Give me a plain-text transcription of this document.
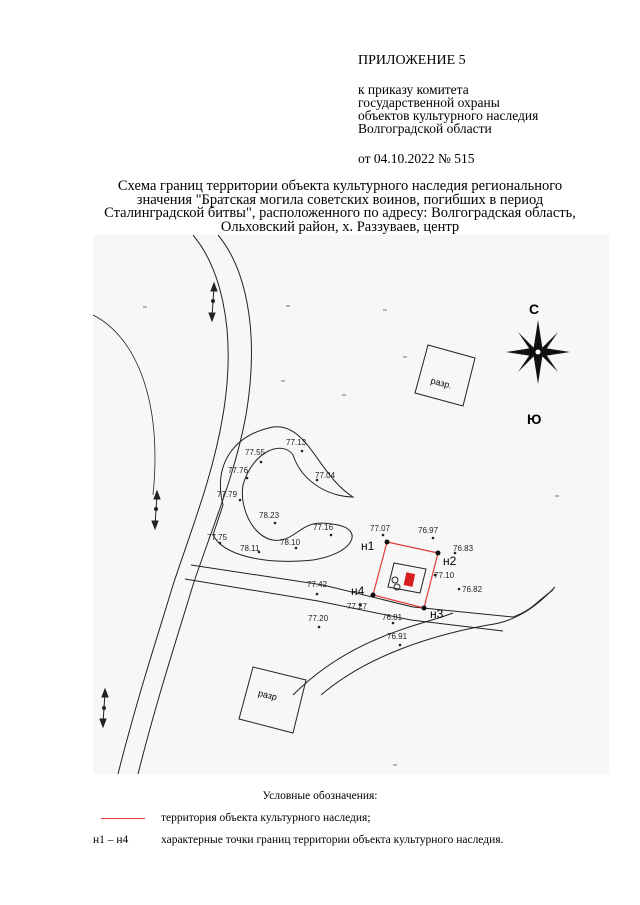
ПРИЛОЖЕНИЕ 5
к приказу комитета
государственной охраны
объектов культурного наследия
Волгоградской области
от 04.10.2022 № 515
Схема границ территории объекта культурного наследия регионального
значения "Братская могила советских воинов, погибших в период
Сталинградской битвы", расположенного по адресу: Волгоградская область,
Ольховский район, х. Раззуваев, центр
разр.
разр
С
Ю
н1
н2
н3
н4
77.13
77.55
77.76
77.04
77.79
78.23
77.75
78.11
78.10
77.16	77.07	76.97
76.83
77.10
76.82
77.42
77.27
77.20	76.81
76.91
Условные обозначения:
территория объекта культурного наследия;
н1 – н4	характерные точки границ территории объекта культурного наследия.
